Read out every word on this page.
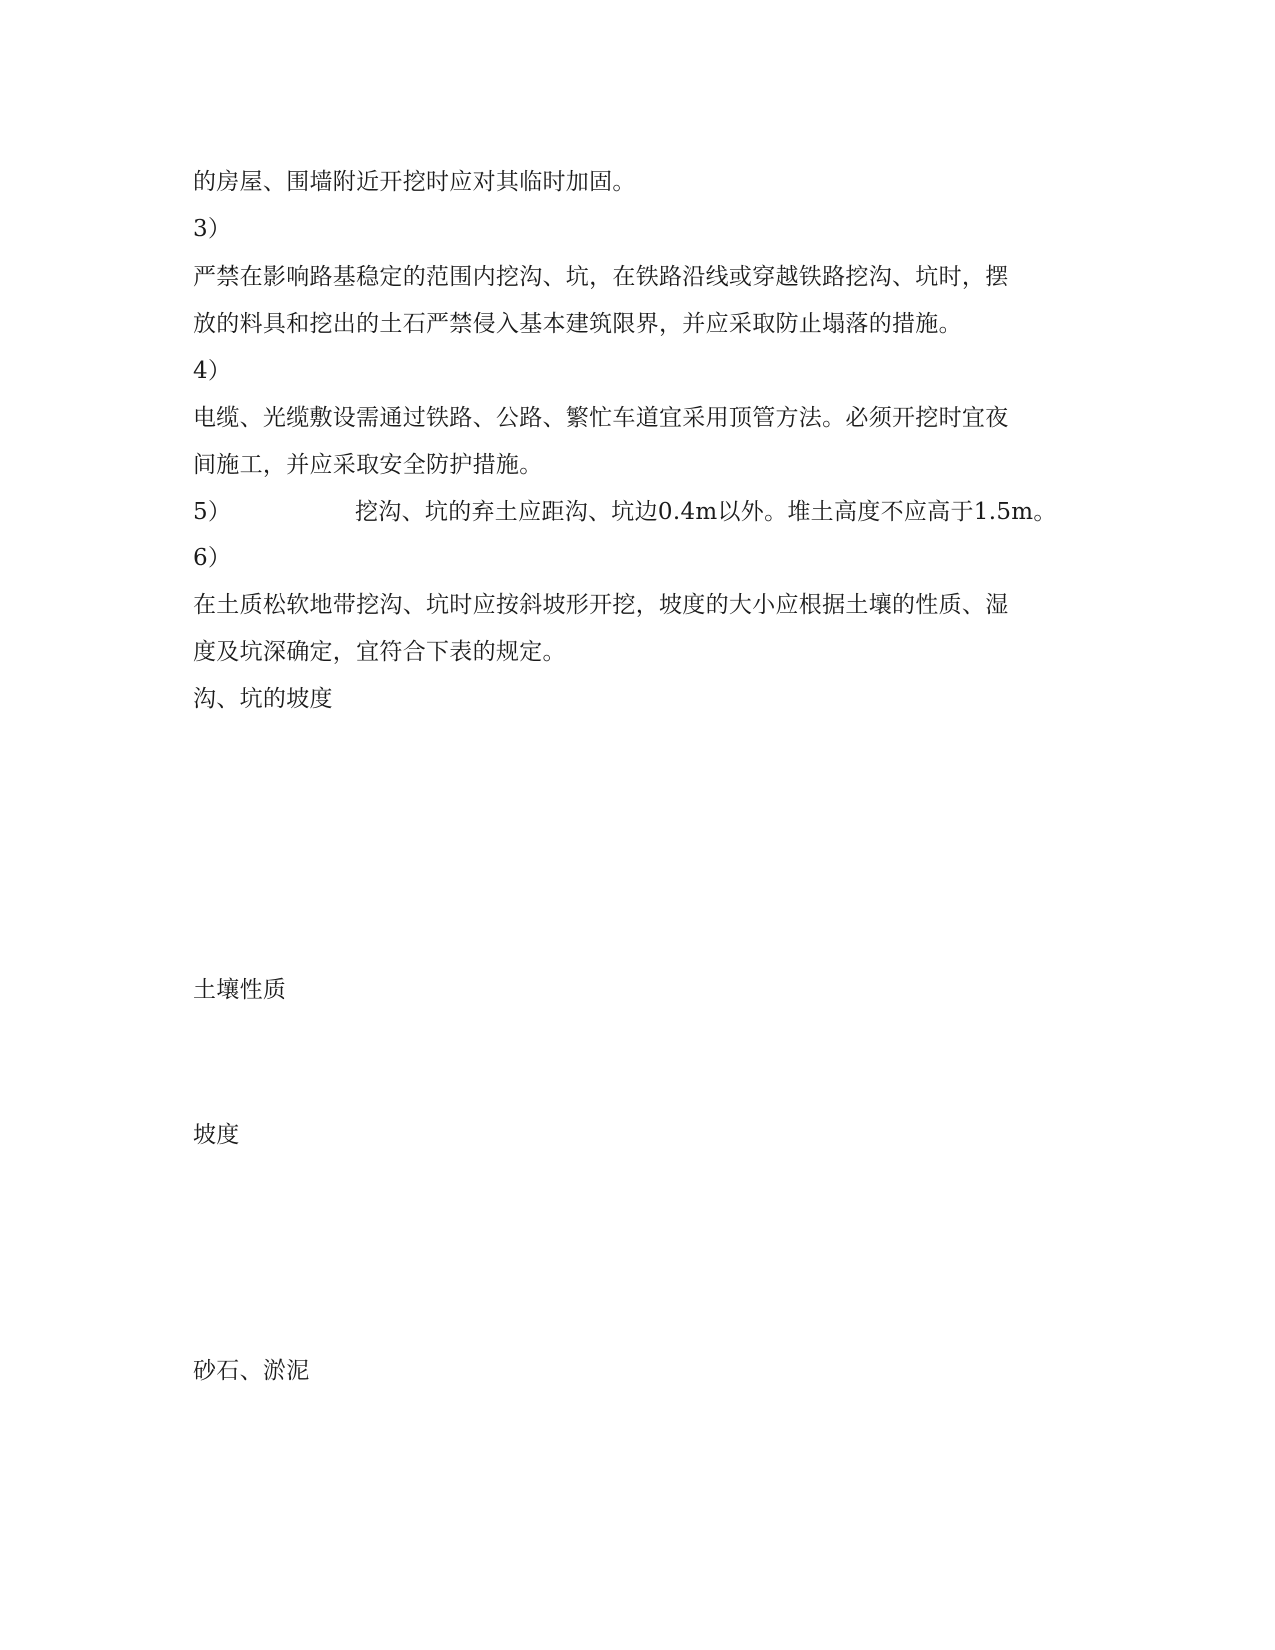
的房屋、围墙附近开挖时应对其临时加固。
3）
严禁在影响路基稳定的范围内挖沟、坑，在铁路沿线或穿越铁路挖沟、坑时，摆
放的料具和挖出的土石严禁侵入基本建筑限界，并应采取防止塌落的措施。
4）
电缆、光缆敷设需通过铁路、公路、繁忙车道宜采用顶管方法。必须开挖时宜夜
间施工，并应采取安全防护措施。
5）	挖沟、坑的弃土应距沟、坑边0.4m以外。堆土高度不应高于1.5m。
6）
在土质松软地带挖沟、坑时应按斜坡形开挖，坡度的大小应根据土壤的性质、湿
度及坑深确定，宜符合下表的规定。
沟、坑的坡度
土壤性质
坡度
砂石、淤泥
